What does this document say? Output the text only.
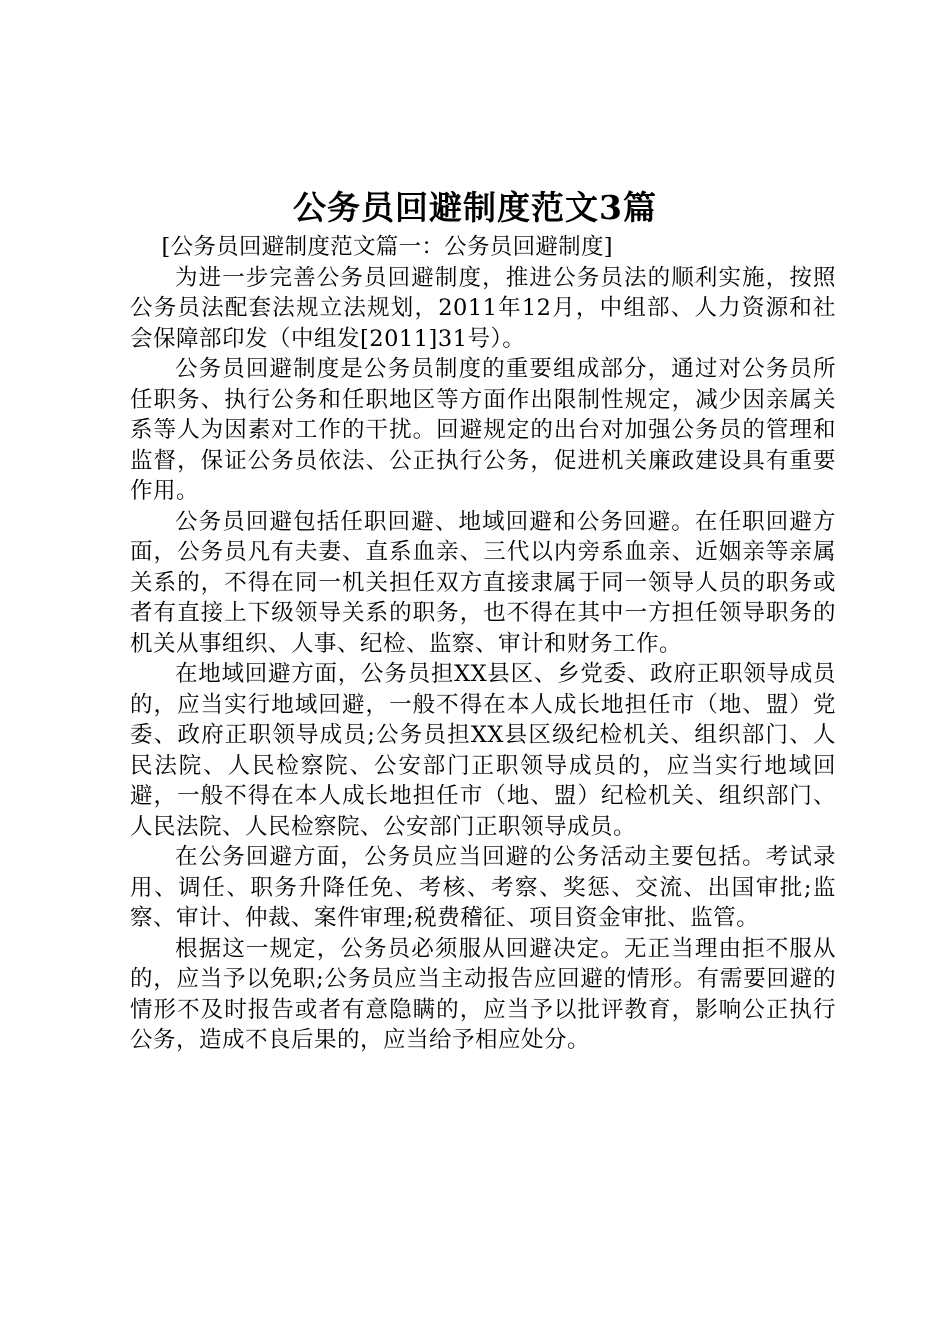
公务员回避制度范文3篇

[公务员回避制度范文篇一：公务员回避制度]

为进一步完善公务员回避制度，推进公务员法的顺利实施，按照公务员法配套法规立法规划，2011年12月，中组部、人力资源和社会保障部印发（中组发[2011]31号）。

公务员回避制度是公务员制度的重要组成部分，通过对公务员所任职务、执行公务和任职地区等方面作出限制性规定，减少因亲属关系等人为因素对工作的干扰。回避规定的出台对加强公务员的管理和监督，保证公务员依法、公正执行公务，促进机关廉政建设具有重要作用。

公务员回避包括任职回避、地域回避和公务回避。在任职回避方面，公务员凡有夫妻、直系血亲、三代以内旁系血亲、近姻亲等亲属关系的，不得在同一机关担任双方直接隶属于同一领导人员的职务或者有直接上下级领导关系的职务，也不得在其中一方担任领导职务的机关从事组织、人事、纪检、监察、审计和财务工作。

在地域回避方面，公务员担XX县区、乡党委、政府正职领导成员的，应当实行地域回避，一般不得在本人成长地担任市（地、盟）党委、政府正职领导成员;公务员担XX县区级纪检机关、组织部门、人民法院、人民检察院、公安部门正职领导成员的，应当实行地域回避，一般不得在本人成长地担任市（地、盟）纪检机关、组织部门、人民法院、人民检察院、公安部门正职领导成员。

在公务回避方面，公务员应当回避的公务活动主要包括。考试录用、调任、职务升降任免、考核、考察、奖惩、交流、出国审批;监察、审计、仲裁、案件审理;税费稽征、项目资金审批、监管。

根据这一规定，公务员必须服从回避决定。无正当理由拒不服从的，应当予以免职;公务员应当主动报告应回避的情形。有需要回避的情形不及时报告或者有意隐瞒的，应当予以批评教育，影响公正执行公务，造成不良后果的，应当给予相应处分。
